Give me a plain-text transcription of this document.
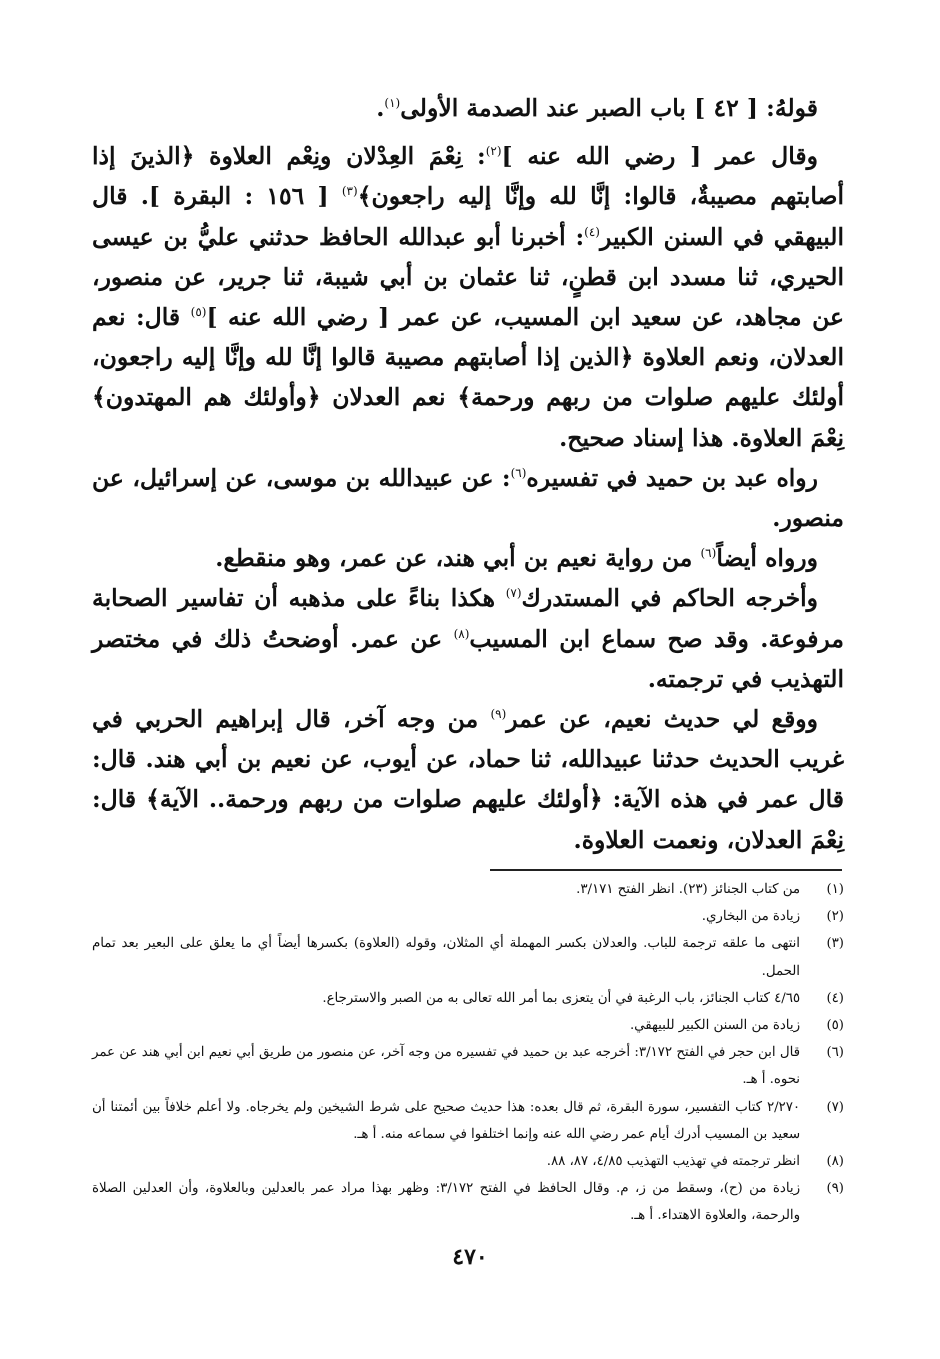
قولهُ: [ ٤٢ ] باب الصبر عند الصدمة الأولى$^{(١)}$.

وقال عمر [ رضي الله عنه ]$^{(٢)}$: نِعْمَ العِدْلان ونِعْم العلاوة ﴿الذينَ إذا أصابتهم مصيبةٌ، قالوا: إنَّا لله وإنَّا إليه راجعون﴾$^{(٣)}$ [ ١٥٦ : البقرة ]. قال البيهقي في السنن الكبير$^{(٤)}$: أخبرنا أبو عبدالله الحافظ حدثني عليُّ بن عيسى الحيري، ثنا مسدد ابن قطنٍ، ثنا عثمان بن أبي شيبة، ثنا جرير، عن منصور، عن مجاهد، عن سعيد ابن المسيب، عن عمر [ رضي الله عنه ]$^{(٥)}$ قال: نعم العدلان، ونعم العلاوة ﴿الذين إذا أصابتهم مصيبة قالوا إنَّا لله وإنَّا إليه راجعون، أولئك عليهم صلوات من ربهم ورحمة﴾ نعم العدلان ﴿وأولئك هم المهتدون﴾ نِعْمَ العلاوة. هذا إسناد صحيح.

رواه عبد بن حميد في تفسيره$^{(٦)}$: عن عبيدالله بن موسى، عن إسرائيل، عن منصور.

ورواه أيضاً$^{(٦)}$ من رواية نعيم بن أبي هند، عن عمر، وهو منقطع.

وأخرجه الحاكم في المستدرك$^{(٧)}$ هكذا بناءً على مذهبه أن تفاسير الصحابة مرفوعة. وقد صح سماع ابن المسيب$^{(٨)}$ عن عمر. أوضحتُ ذلك في مختصر التهذيب في ترجمته.

ووقع لي حديث نعيم، عن عمر$^{(٩)}$ من وجه آخر، قال إبراهيم الحربي في غريب الحديث حدثنا عبيدالله، ثنا حماد، عن أيوب، عن نعيم بن أبي هند. قال: قال عمر في هذه الآية: ﴿أولئك عليهم صلوات من ربهم ورحمة.. الآية﴾ قال: نِعْمَ العدلان، ونعمت العلاوة.

(١)
من كتاب الجنائز (٢٣). انظر الفتح ٣/١٧١.
(٢)
زيادة من البخاري.
(٣)
انتهى ما علقه ترجمة للباب. والعدلان بكسر المهملة أي المثلان، وقوله (العلاوة) بكسرها أيضاً أي ما يعلق على البعير بعد تمام الحمل.
(٤)
٤/٦٥ كتاب الجنائز، باب الرغبة في أن يتعزى بما أمر الله تعالى به من الصبر والاسترجاع.
(٥)
زيادة من السنن الكبير للبيهقي.
(٦)
قال ابن حجر في الفتح ٣/١٧٢: أخرجه عبد بن حميد في تفسيره من وجه آخر، عن منصور من طريق أبي نعيم ابن أبي هند عن عمر نحوه. أ هـ.
(٧)
٢/٢٧٠ كتاب التفسير، سورة البقرة، ثم قال بعده: هذا حديث صحيح على شرط الشيخين ولم يخرجاه. ولا أعلم خلافاً بين أئمتنا أن سعيد بن المسيب أدرك أيام عمر رضي الله عنه وإنما اختلفوا في سماعه منه. أ هـ.
(٨)
انظر ترجمته في تهذيب التهذيب ٤/٨٥، ٨٧، ٨٨.
(٩)
زيادة من (ح)، وسقط من ز، م. وقال الحافظ في الفتح ٣/١٧٢: وظهر بهذا مراد عمر بالعدلين وبالعلاوة، وأن العدلين الصلاة والرحمة، والعلاوة الاهتداء. أ هـ.
٤٧٠
